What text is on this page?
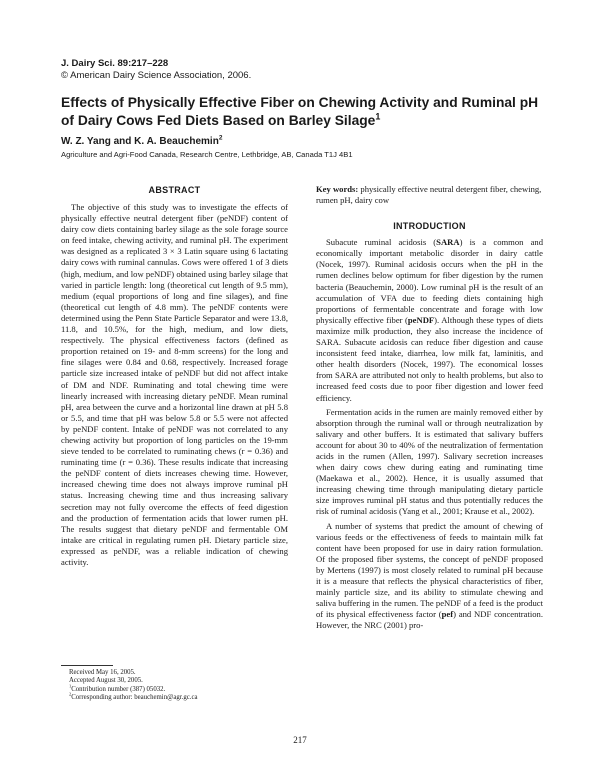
J. Dairy Sci. 89:217–228
© American Dairy Science Association, 2006.
Effects of Physically Effective Fiber on Chewing Activity and Ruminal pH of Dairy Cows Fed Diets Based on Barley Silage$^1$
W. Z. Yang and K. A. Beauchemin$^2$
Agriculture and Agri-Food Canada, Research Centre, Lethbridge, AB, Canada T1J 4B1
ABSTRACT

The objective of this study was to investigate the effects of physically effective neutral detergent fiber (peNDF) content of dairy cow diets containing barley silage as the sole forage source on feed intake, chewing activity, and ruminal pH. The experiment was designed as a replicated 3 × 3 Latin square using 6 lactating dairy cows with ruminal cannulas. Cows were offered 1 of 3 diets (high, medium, and low peNDF) obtained using barley silage that varied in particle length: long (theoretical cut length of 9.5 mm), medium (equal proportions of long and fine silages), and fine (theoretical cut length of 4.8 mm). The peNDF contents were determined using the Penn State Particle Separator and were 13.8, 11.8, and 10.5%, for the high, medium, and low diets, respectively. The physical effectiveness factors (defined as proportion retained on 19- and 8-mm screens) for the long and fine silages were 0.84 and 0.68, respectively. Increased forage particle size increased intake of peNDF but did not affect intake of DM and NDF. Ruminating and total chewing time were linearly increased with increasing dietary peNDF. Mean ruminal pH, area between the curve and a horizontal line drawn at pH 5.8 or 5.5, and time that pH was below 5.8 or 5.5 were not affected by peNDF content. Intake of peNDF was not correlated to any chewing activity but proportion of long particles on the 19-mm sieve tended to be correlated to ruminating chews (r = 0.36) and ruminating time (r = 0.36). These results indicate that increasing the peNDF content of diets increases chewing time. However, increased chewing time does not always improve ruminal pH status. Increasing chewing time and thus increasing salivary secretion may not fully overcome the effects of feed digestion and the production of fermentation acids that lower rumen pH. The results suggest that dietary peNDF and fermentable OM intake are critical in regulating rumen pH. Dietary particle size, expressed as peNDF, was a reliable indication of chewing activity.

Key words: physically effective neutral detergent fiber, chewing, rumen pH, dairy cow

INTRODUCTION

Subacute ruminal acidosis (SARA) is a common and economically important metabolic disorder in dairy cattle (Nocek, 1997). Ruminal acidosis occurs when the pH in the rumen declines below optimum for fiber digestion by the rumen bacteria (Beauchemin, 2000). Low ruminal pH is the result of an accumulation of VFA due to feeding diets containing high proportions of fermentable concentrate and forage with low physically effective fiber (peNDF). Although these types of diets maximize milk production, they also increase the incidence of SARA. Subacute acidosis can reduce fiber digestion and cause inconsistent feed intake, diarrhea, low milk fat, laminitis, and other health disorders (Nocek, 1997). The economical losses from SARA are attributed not only to health problems, but also to increased feed costs due to poor fiber digestion and lower feed efficiency.

Fermentation acids in the rumen are mainly removed either by absorption through the ruminal wall or through neutralization by salivary and other buffers. It is estimated that salivary buffers account for about 30 to 40% of the neutralization of fermentation acids in the rumen (Allen, 1997). Salivary secretion increases when dairy cows chew during eating and ruminating time (Maekawa et al., 2002). Hence, it is usually assumed that increasing chewing time through manipulating dietary particle size improves ruminal pH status and thus potentially reduces the risk of ruminal acidosis (Yang et al., 2001; Krause et al., 2002).

A number of systems that predict the amount of chewing of various feeds or the effectiveness of feeds to maintain milk fat content have been proposed for use in dairy ration formulation. Of the proposed fiber systems, the concept of peNDF proposed by Mertens (1997) is most closely related to ruminal pH because it is a measure that reflects the physical characteristics of fiber, mainly particle size, and its ability to stimulate chewing and saliva buffering in the rumen. The peNDF of a feed is the product of its physical effectiveness factor (pef) and NDF concentration. However, the NRC (2001) pro-

Received May 16, 2005.
Accepted August 30, 2005.
$^1$Contribution number (387) 05032.
$^2$Corresponding author: beauchemin@agr.gc.ca
217
